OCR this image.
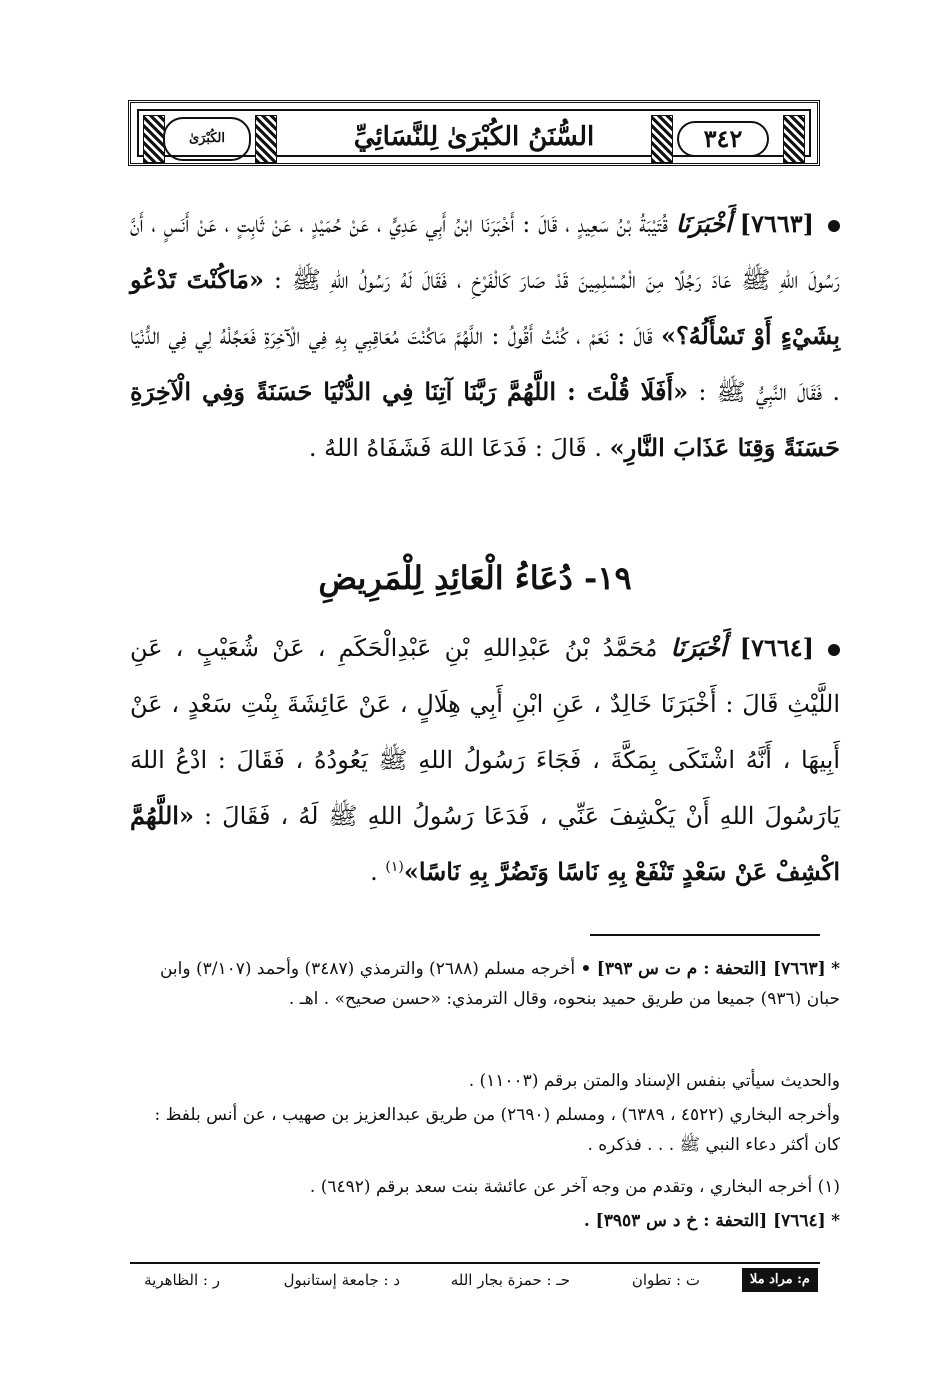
٣٤٢
السُّنَنُ الكُبْرَىٰ لِلنَّسَائِيِّ
الكُبْرَىٰ
[٧٦٦٣] أَخْبَرَنَا قُتَيْبَةُ بْنُ سَعِيدٍ ، قَالَ : أَخْبَرَنَا ابْنُ أَبِي عَدِيٍّ ، عَنْ حُمَيْدٍ ، عَنْ ثَابِتٍ ، عَنْ أَنَسٍ ، أَنَّ رَسُولَ اللهِ ﷺ عَادَ رَجُلًا مِنَ الْمُسْلِمِينَ قَدْ صَارَ كَالْفَرْخِ ، فَقَالَ لَهُ رَسُولُ اللهِ ﷺ : «مَاكُنْتَ تَدْعُو بِشَيْءٍ أَوْ تَسْأَلُهُ؟» قَالَ : نَعَمْ ، كُنْتُ أَقُولُ : اللَّهُمَّ مَاكُنْتَ مُعَاقِبِي بِهِ فِي الْآخِرَةِ فَعَجِّلْهُ لِي فِي الدُّنْيَا . فَقَالَ النَّبِيُّ ﷺ : «أَفَلَا قُلْتَ : اللَّهُمَّ رَبَّنَا آتِنَا فِي الدُّنْيَا حَسَنَةً وَفِي الْآخِرَةِ حَسَنَةً وَقِنَا عَذَابَ النَّارِ» . قَالَ : فَدَعَا اللهَ فَشَفَاهُ اللهُ .
١٩- دُعَاءُ الْعَائِدِ لِلْمَرِيضِ
[٧٦٦٤] أَخْبَرَنَا مُحَمَّدُ بْنُ عَبْدِاللهِ بْنِ عَبْدِالْحَكَمِ ، عَنْ شُعَيْبٍ ، عَنِ اللَّيْثِ قَالَ : أَخْبَرَنَا خَالِدٌ ، عَنِ ابْنِ أَبِي هِلَالٍ ، عَنْ عَائِشَةَ بِنْتِ سَعْدٍ ، عَنْ أَبِيهَا ، أَنَّهُ اشْتَكَى بِمَكَّةَ ، فَجَاءَ رَسُولُ اللهِ ﷺ يَعُودُهُ ، فَقَالَ : ادْعُ اللهَ يَارَسُولَ اللهِ أَنْ يَكْشِفَ عَنِّي ، فَدَعَا رَسُولُ اللهِ ﷺ لَهُ ، فَقَالَ : «اللَّهُمَّ اكْشِفْ عَنْ سَعْدٍ تَنْفَعْ بِهِ نَاسًا وَتَضُرَّ بِهِ نَاسًا»$^{(١)}$ .
* [٧٦٦٣] [التحفة : م ت س ٣٩٣] • أخرجه مسلم (٢٦٨٨) والترمذي (٣٤٨٧) وأحمد (٣/١٠٧) وابن حبان (٩٣٦) جميعا من طريق حميد بنحوه، وقال الترمذي: «حسن صحيح» . اهـ .
والحديث سيأتي بنفس الإسناد والمتن برقم (١١٠٠٣) .
وأخرجه البخاري (٤٥٢٢ ، ٦٣٨٩) ، ومسلم (٢٦٩٠) من طريق عبدالعزيز بن صهيب ، عن أنس بلفظ : كان أكثر دعاء النبي ﷺ . . . فذكره .
(١) أخرجه البخاري ، وتقدم من وجه آخر عن عائشة بنت سعد برقم (٦٤٩٢) .
* [٧٦٦٤] [التحفة : خ د س ٣٩٥٣] .
م: مراد ملا
ت : تطوان
حـ : حمزة بجار الله
د : جامعة إستانبول
ر : الظاهرية
